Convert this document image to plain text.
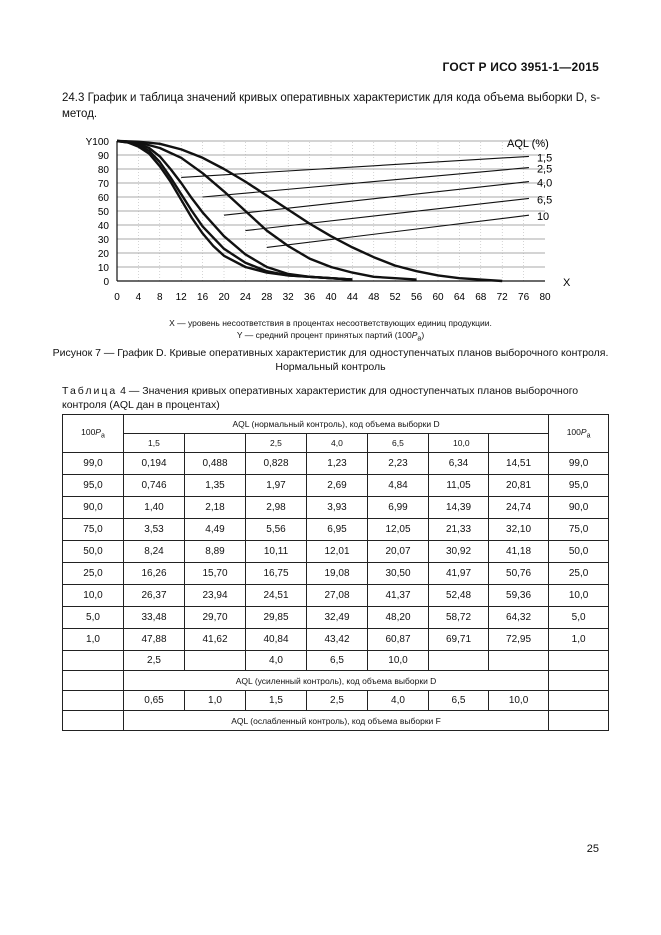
ГОСТ Р ИСО 3951-1—2015
24.3 График и таблица значений кривых оперативных характеристик для кода объема выборки D, s-метод.
0 4 8 12 16 20 24 28 32 36 40 44 48 52 56 60 64 68 72 76 80
X
0
10
20
30
40
50
60
70
80
90
Y100	AQL (%)
1,5
2,5
4,0
6,5
10
X — уровень несоответствия в процентах несоответствующих единиц продукции.
Y — средний процент принятых партий $(100P_a)$
Рисунок 7 — График D. Кривые оперативных характеристик для одноступенчатых планов выборочного контроля.
Нормальный контроль
Таблица 4 — Значения кривых оперативных характеристик для одноступенчатых планов выборочного контроля (AQL дан в процентах)
$100P_a$	AQL (нормальный контроль), код объема выборки D							$100P_a$
	1,5		2,5	4,0	6,5	10,0		
99,0	0,194	0,488	0,828	1,23	2,23	6,34	14,51	99,0
95,0	0,746	1,35	1,97	2,69	4,84	11,05	20,81	95,0
90,0	1,40	2,18	2,98	3,93	6,99	14,39	24,74	90,0
75,0	3,53	4,49	5,56	6,95	12,05	21,33	32,10	75,0
50,0	8,24	8,89	10,11	12,01	20,07	30,92	41,18	50,0
25,0	16,26	15,70	16,75	19,08	30,50	41,97	50,76	25,0
10,0	26,37	23,94	24,51	27,08	41,37	52,48	59,36	10,0
5,0	33,48	29,70	29,85	32,49	48,20	58,72	64,32	5,0
1,0	47,88	41,62	40,84	43,42	60,87	69,71	72,95	1,0
	2,5		4,0	6,5	10,0			
	AQL (усиленный контроль), код объема выборки D							
	0,65	1,0	1,5	2,5	4,0	6,5	10,0	
	AQL (ослабленный контроль), код объема выборки F							
25
